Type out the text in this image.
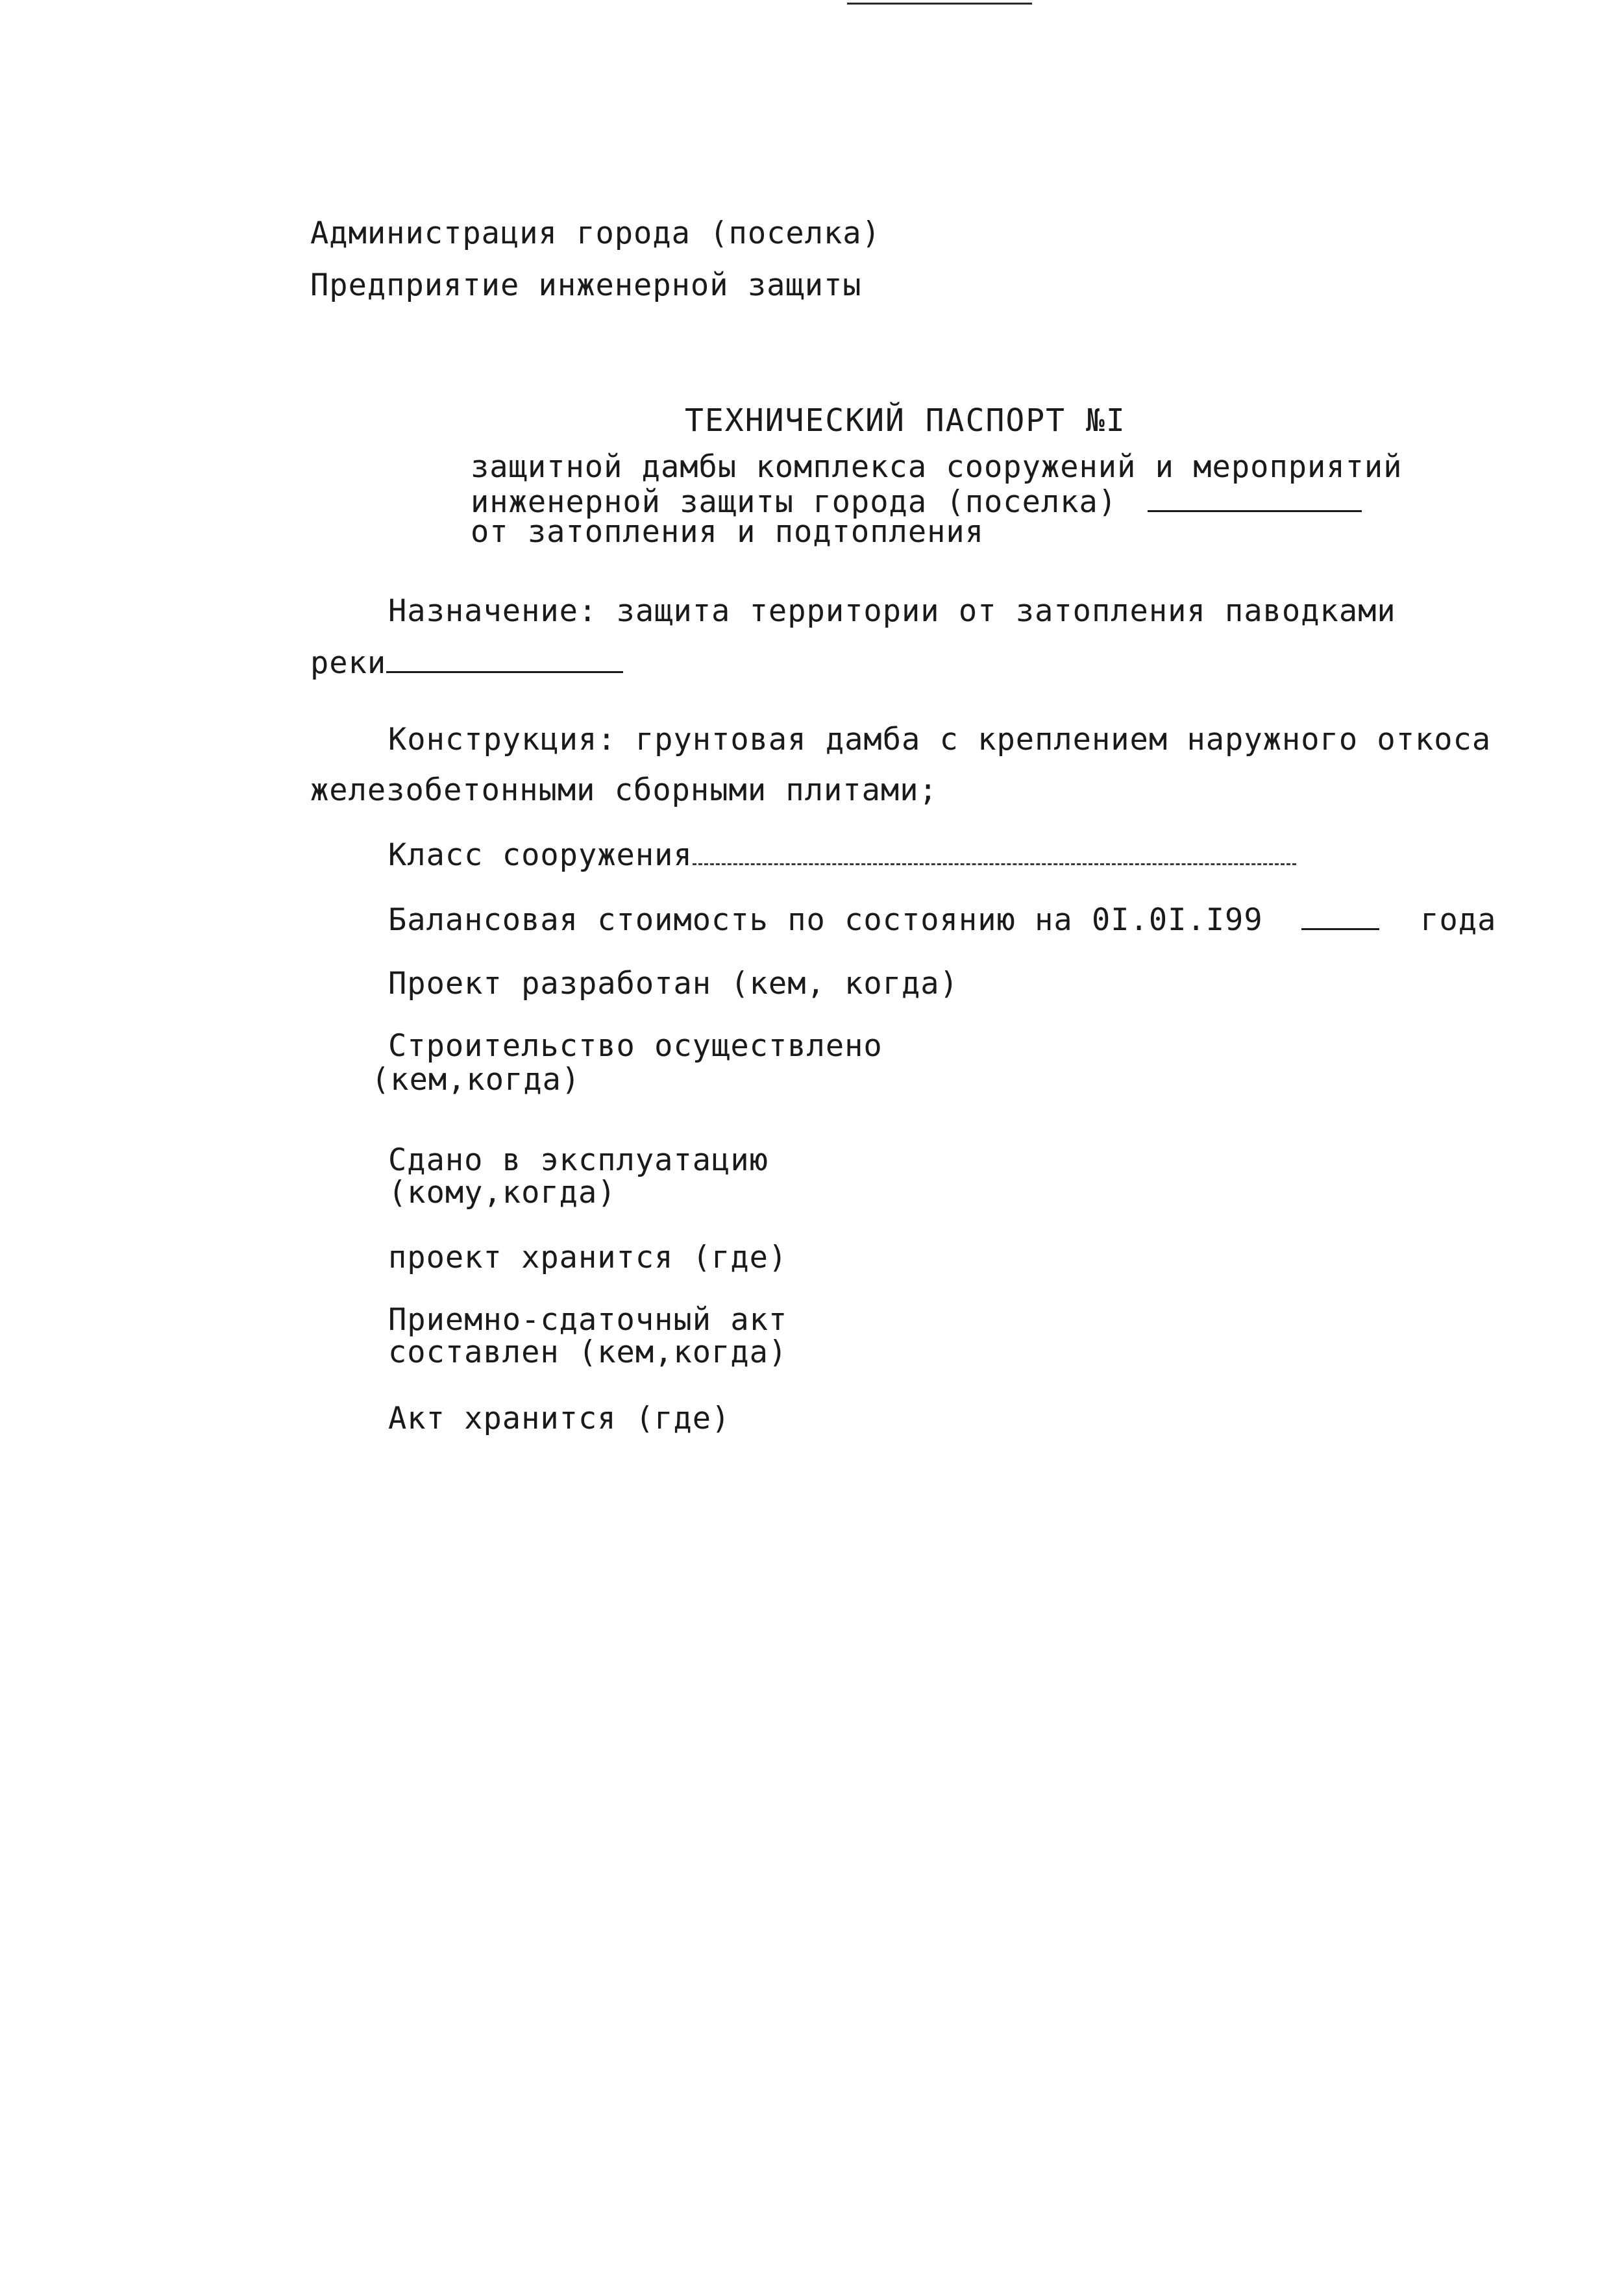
Администрация города (поселка)
Предприятие инженерной защиты
ТЕХНИЧЕСКИЙ ПАСПОРТ №I
защитной дамбы комплекса сооружений и мероприятий
инженерной защиты города (поселка)
от затопления и подтопления
Назначение: защита территории от затопления паводками
реки
Конструкция: грунтовая дамба с креплением наружного откоса
железобетонными сборными плитами;
Класс сооружения
Балансовая стоимость по состоянию на 0I.0I.I99	года
Проект разработан (кем, когда)
Строительство осуществлено
(кем,когда)
Сдано в эксплуатацию
(кому,когда)
проект хранится (где)
Приемно-сдаточный акт
составлен (кем,когда)
Акт хранится (где)
